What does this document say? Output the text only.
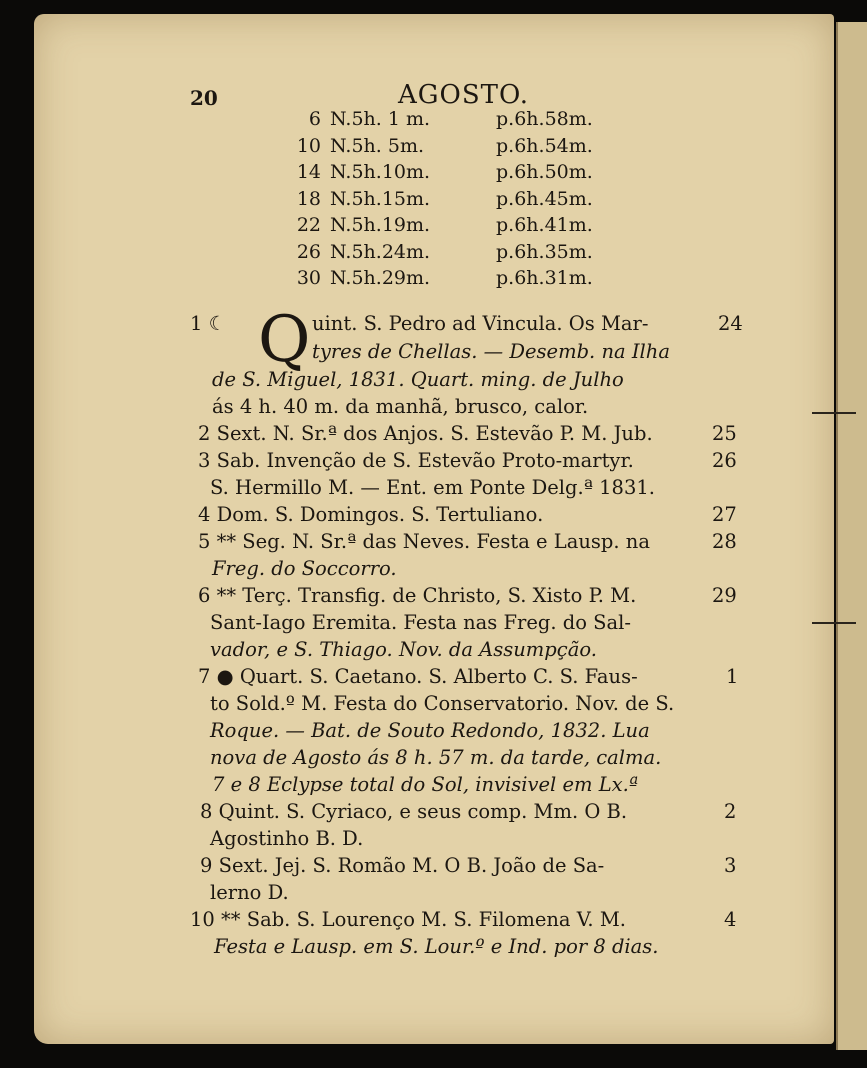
20	AGOSTO.
6 N.5h. 1 m.	p.6h.58m.
10 N.5h. 5m.	p.6h.54m.
14 N.5h.10m.	p.6h.50m.
18 N.5h.15m.	p.6h.45m.
22 N.5h.19m.	p.6h.41m.
26 N.5h.24m.	p.6h.35m.
30 N.5h.29m.	p.6h.31m.
Q
1 ☾	uint. S. Pedro ad Vincula. Os Mar-	24
tyres de Chellas. — Desemb. na Ilha
de S. Miguel, 1831. Quart. ming. de Julho
ás 4 h. 40 m. da manhã, brusco, calor.
2 Sext. N. Sr.ª dos Anjos. S. Estevão P. M. Jub.	25
3 Sab. Invenção de S. Estevão Proto-martyr.	26
S. Hermillo M. — Ent. em Ponte Delg.ª 1831.
4 Dom. S. Domingos. S. Tertuliano.	27
5 ** Seg. N. Sr.ª das Neves. Festa e Lausp. na	28
Freg. do Soccorro.
6 ** Terç. Transfig. de Christo, S. Xisto P. M.	29
Sant-Iago Eremita. Festa nas Freg. do Sal-
vador, e S. Thiago. Nov. da Assumpção.
7 ● Quart. S. Caetano. S. Alberto C. S. Faus-	1
to Sold.º M. Festa do Conservatorio. Nov. de S.
Roque. — Bat. de Souto Redondo, 1832. Lua
nova de Agosto ás 8 h. 57 m. da tarde, calma.
7 e 8 Eclypse total do Sol, invisivel em Lx.ª
8 Quint. S. Cyriaco, e seus comp. Mm. O B.	2
Agostinho B. D.
9 Sext. Jej. S. Romão M. O B. João de Sa-	3
lerno D.
10 ** Sab. S. Lourenço M. S. Filomena V. M.	4
Festa e Lausp. em S. Lour.º e Ind. por 8 dias.
